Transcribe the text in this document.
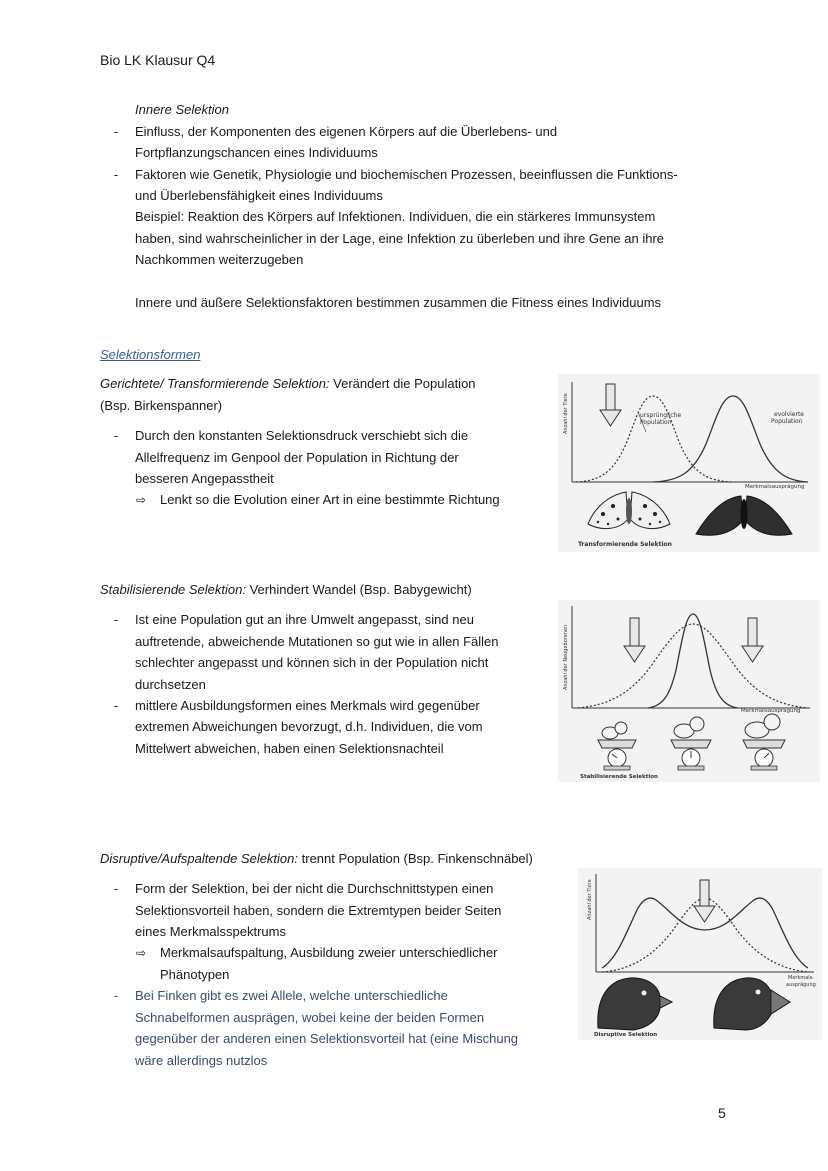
Bio LK Klausur Q4
Innere Selektion
- Einfluss, der Komponenten des eigenen Körpers auf die Überlebens- und
Fortpflanzungschancen eines Individuums
- Faktoren wie Genetik, Physiologie und biochemischen Prozessen, beeinflussen die Funktions-
und Überlebensfähigkeit eines Individuums
Beispiel: Reaktion des Körpers auf Infektionen. Individuen, die ein stärkeres Immunsystem
haben, sind wahrscheinlicher in der Lage, eine Infektion zu überleben und ihre Gene an ihre
Nachkommen weiterzugeben
Innere und äußere Selektionsfaktoren bestimmen zusammen die Fitness eines Individuums
Selektionsformen
Gerichtete/ Transformierende Selektion: Verändert die Population
(Bsp. Birkenspanner)
- Durch den konstanten Selektionsdruck verschiebt sich die
Allelfrequenz im Genpool der Population in Richtung der
besseren Angepasstheit
⇨ Lenkt so die Evolution einer Art in eine bestimmte Richtung
Anzahl der Tiere	ursprüngliche
Population
evolvierte
Population
Merkmalsausprägung
Transformierende Selektion
Stabilisierende Selektion: Verhindert Wandel (Bsp. Babygewicht)
- Ist eine Population gut an ihre Umwelt angepasst, sind neu
auftretende, abweichende Mutationen so gut wie in allen Fällen
schlechter angepasst und können sich in der Population nicht
durchsetzen
- mittlere Ausbildungsformen eines Merkmals wird gegenüber
extremen Abweichungen bevorzugt, d.h. Individuen, die vom
Mittelwert abweichen, haben einen Selektionsnachteil
Anzahl der Neugeborenen
Merkmalsausprägung
Stabilisierende Selektion
Disruptive/Aufspaltende Selektion: trennt Population (Bsp. Finkenschnäbel)
- Form der Selektion, bei der nicht die Durchschnittstypen einen
Selektionsvorteil haben, sondern die Extremtypen beider Seiten
eines Merkmalsspektrums
⇨ Merkmalsaufspaltung, Ausbildung zweier unterschiedlicher
Phänotypen
- Bei Finken gibt es zwei Allele, welche unterschiedliche
Schnabelformen ausprägen, wobei keine der beiden Formen
gegenüber der anderen einen Selektionsvorteil hat (eine Mischung
wäre allerdings nutzlos
Anzahl der Tiere
Merkmals-
ausprägung
Disruptive Selektion
5
